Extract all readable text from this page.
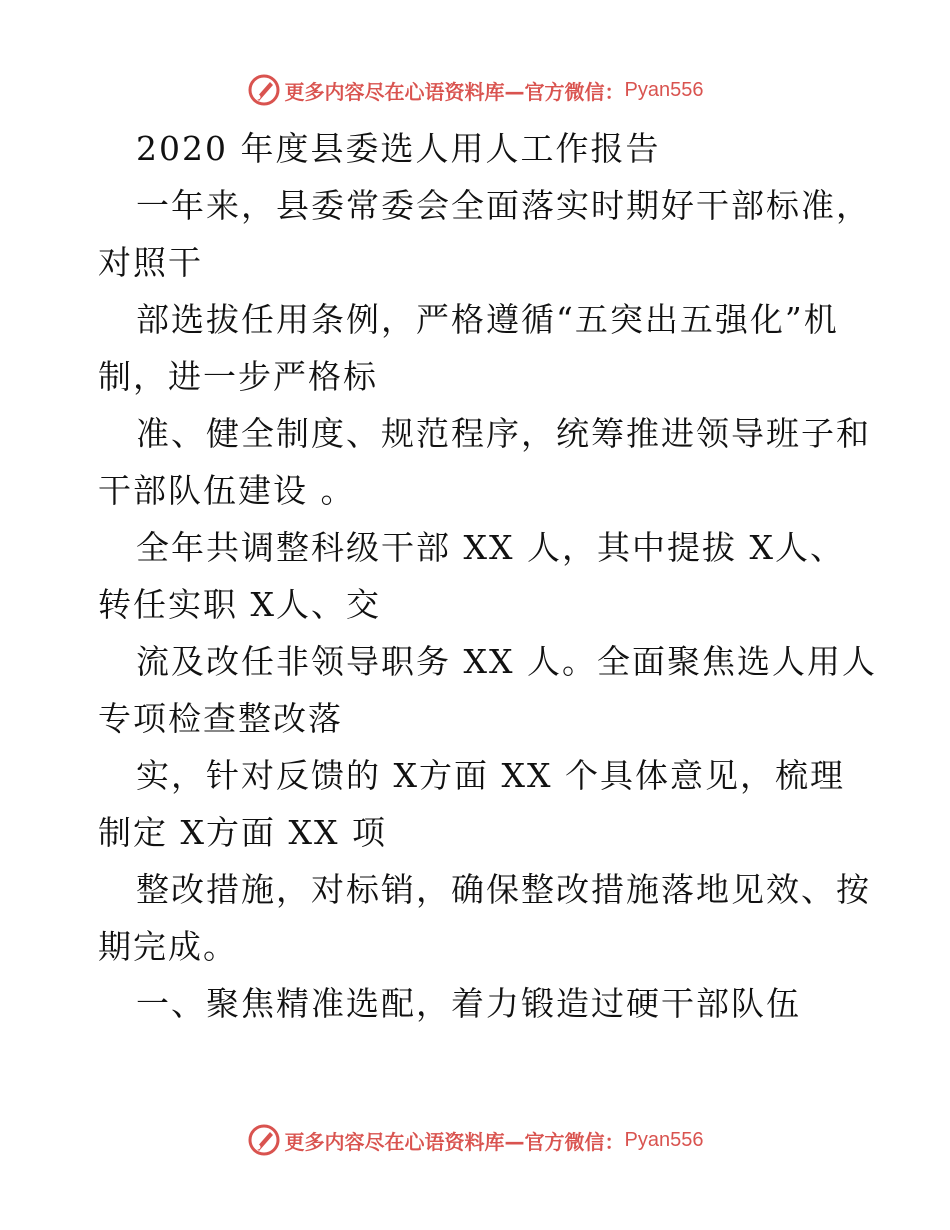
更多内容尽在心语资料库—官方微信： Pyan556
2020 年度县委选人用人工作报告
一年来，县委常委会全面落实时期好干部标准，
对照干
部选拔任用条例，严格遵循“五突出五强化”机
制，进一步严格标
准、健全制度、规范程序，统筹推进领导班子和
干部队伍建设 。
全年共调整科级干部 XX 人，其中提拔 X人、
转任实职 X人、交
流及改任非领导职务 XX 人。全面聚焦选人用人
专项检查整改落
实，针对反馈的 X方面 XX 个具体意见，梳理
制定 X方面 XX 项
整改措施，对标销，确保整改措施落地见效、按
期完成。
一、聚焦精准选配，着力锻造过硬干部队伍
更多内容尽在心语资料库—官方微信： Pyan556
